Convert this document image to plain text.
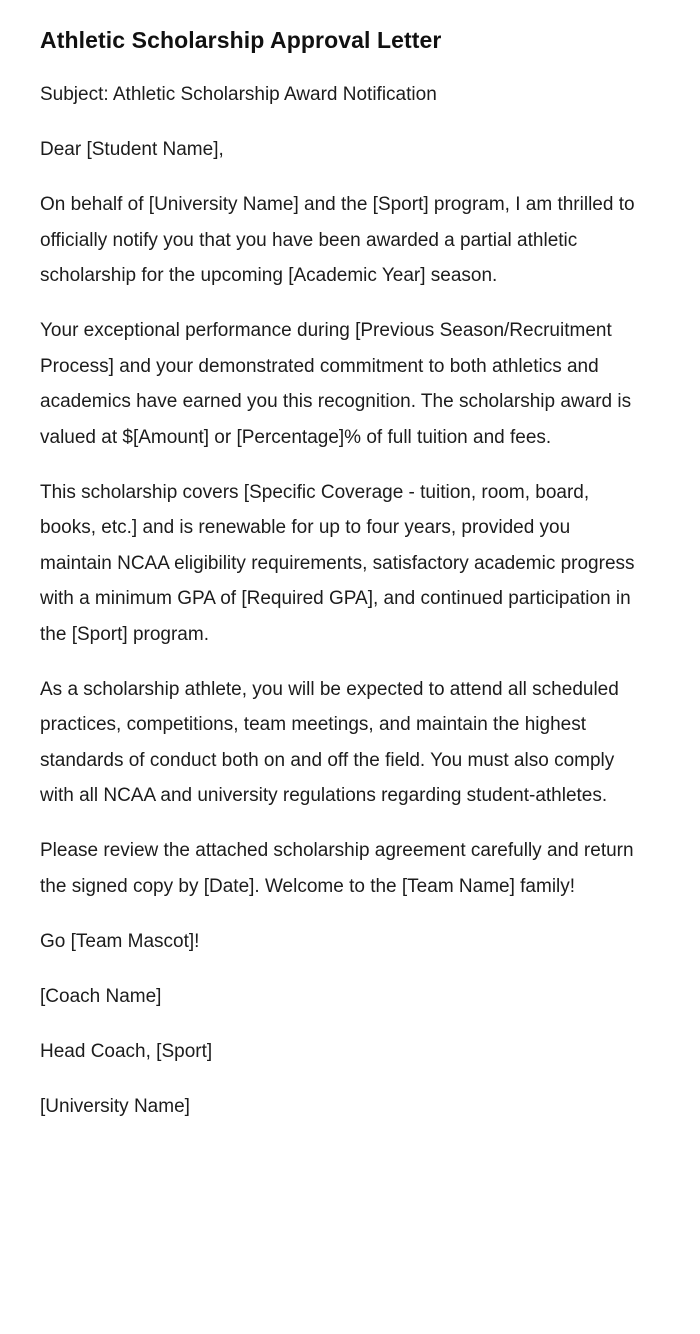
Athletic Scholarship Approval Letter

Subject: Athletic Scholarship Award Notification

Dear [Student Name],

On behalf of [University Name] and the [Sport] program, I am thrilled to officially notify you that you have been awarded a partial athletic scholarship for the upcoming [Academic Year] season.

Your exceptional performance during [Previous Season/Recruitment Process] and your demonstrated commitment to both athletics and academics have earned you this recognition. The scholarship award is valued at $[Amount] or [Percentage]% of full tuition and fees.

This scholarship covers [Specific Coverage - tuition, room, board, books, etc.] and is renewable for up to four years, provided you maintain NCAA eligibility requirements, satisfactory academic progress with a minimum GPA of [Required GPA], and continued participation in the [Sport] program.

As a scholarship athlete, you will be expected to attend all scheduled practices, competitions, team meetings, and maintain the highest standards of conduct both on and off the field. You must also comply with all NCAA and university regulations regarding student-athletes.

Please review the attached scholarship agreement carefully and return the signed copy by [Date]. Welcome to the [Team Name] family!

Go [Team Mascot]!

[Coach Name]

Head Coach, [Sport]

[University Name]
